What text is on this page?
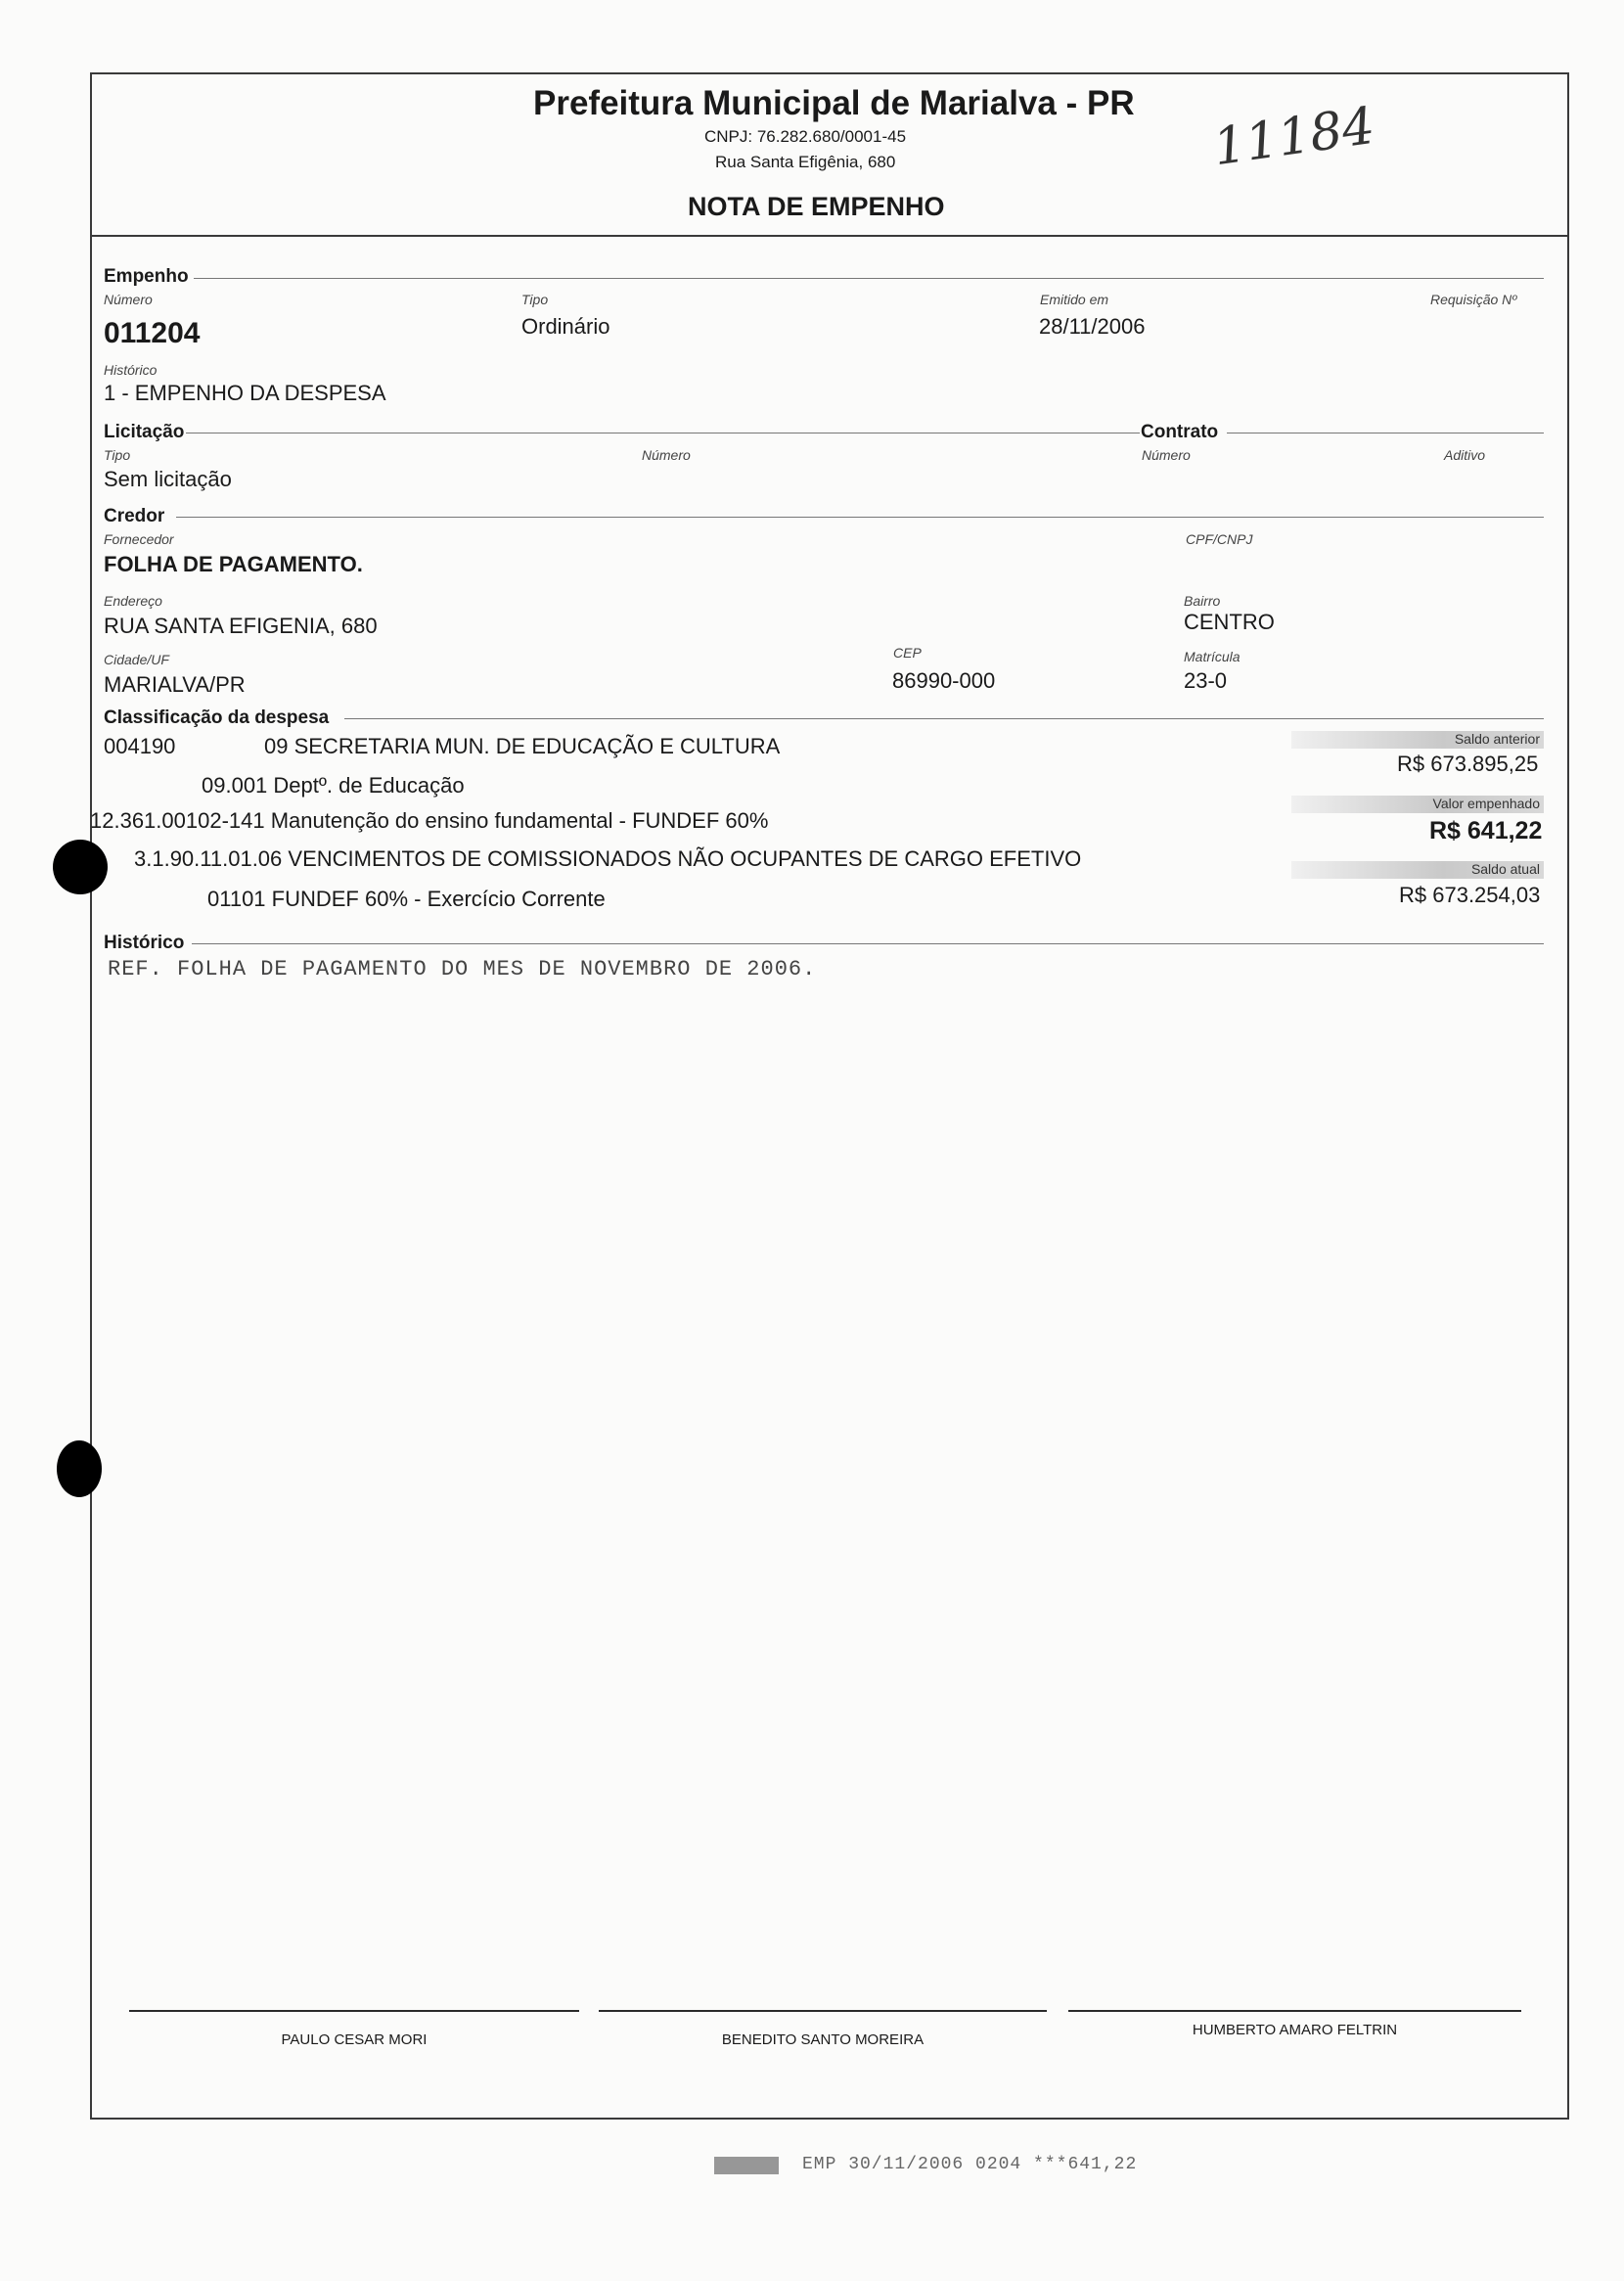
Prefeitura Municipal de Marialva - PR
CNPJ: 76.282.680/0001-45
Rua Santa Efigênia, 680
NOTA DE EMPENHO
11184
Empenho
Número	Tipo	Emitido em	Requisição Nº
011204	Ordinário	28/11/2006
Histórico
1 - EMPENHO DA DESPESA
Licitação	Contrato
Tipo	Número	Número	Aditivo
Sem licitação
Credor
Fornecedor	CPF/CNPJ
FOLHA DE PAGAMENTO.
Endereço	Bairro
RUA SANTA EFIGENIA, 680	CENTRO
Cidade/UF	CEP	Matrícula
MARIALVA/PR	86990-000	23-0
Classificação da despesa
004190	09 SECRETARIA MUN. DE EDUCAÇÃO E CULTURA
09.001 Deptº. de Educação
12.361.00102-141 Manutenção do ensino fundamental - FUNDEF 60%
3.1.90.11.01.06 VENCIMENTOS DE COMISSIONADOS NÃO OCUPANTES DE CARGO EFETIVO
01101 FUNDEF 60% - Exercício Corrente
Saldo anterior
R$ 673.895,25
Valor empenhado
R$ 641,22
Saldo atual
R$ 673.254,03
Histórico
REF. FOLHA DE PAGAMENTO DO MES DE NOVEMBRO DE 2006.
PAULO CESAR MORI	BENEDITO SANTO MOREIRA
HUMBERTO AMARO FELTRIN
EMP 30/11/2006 0204 ***641,22
